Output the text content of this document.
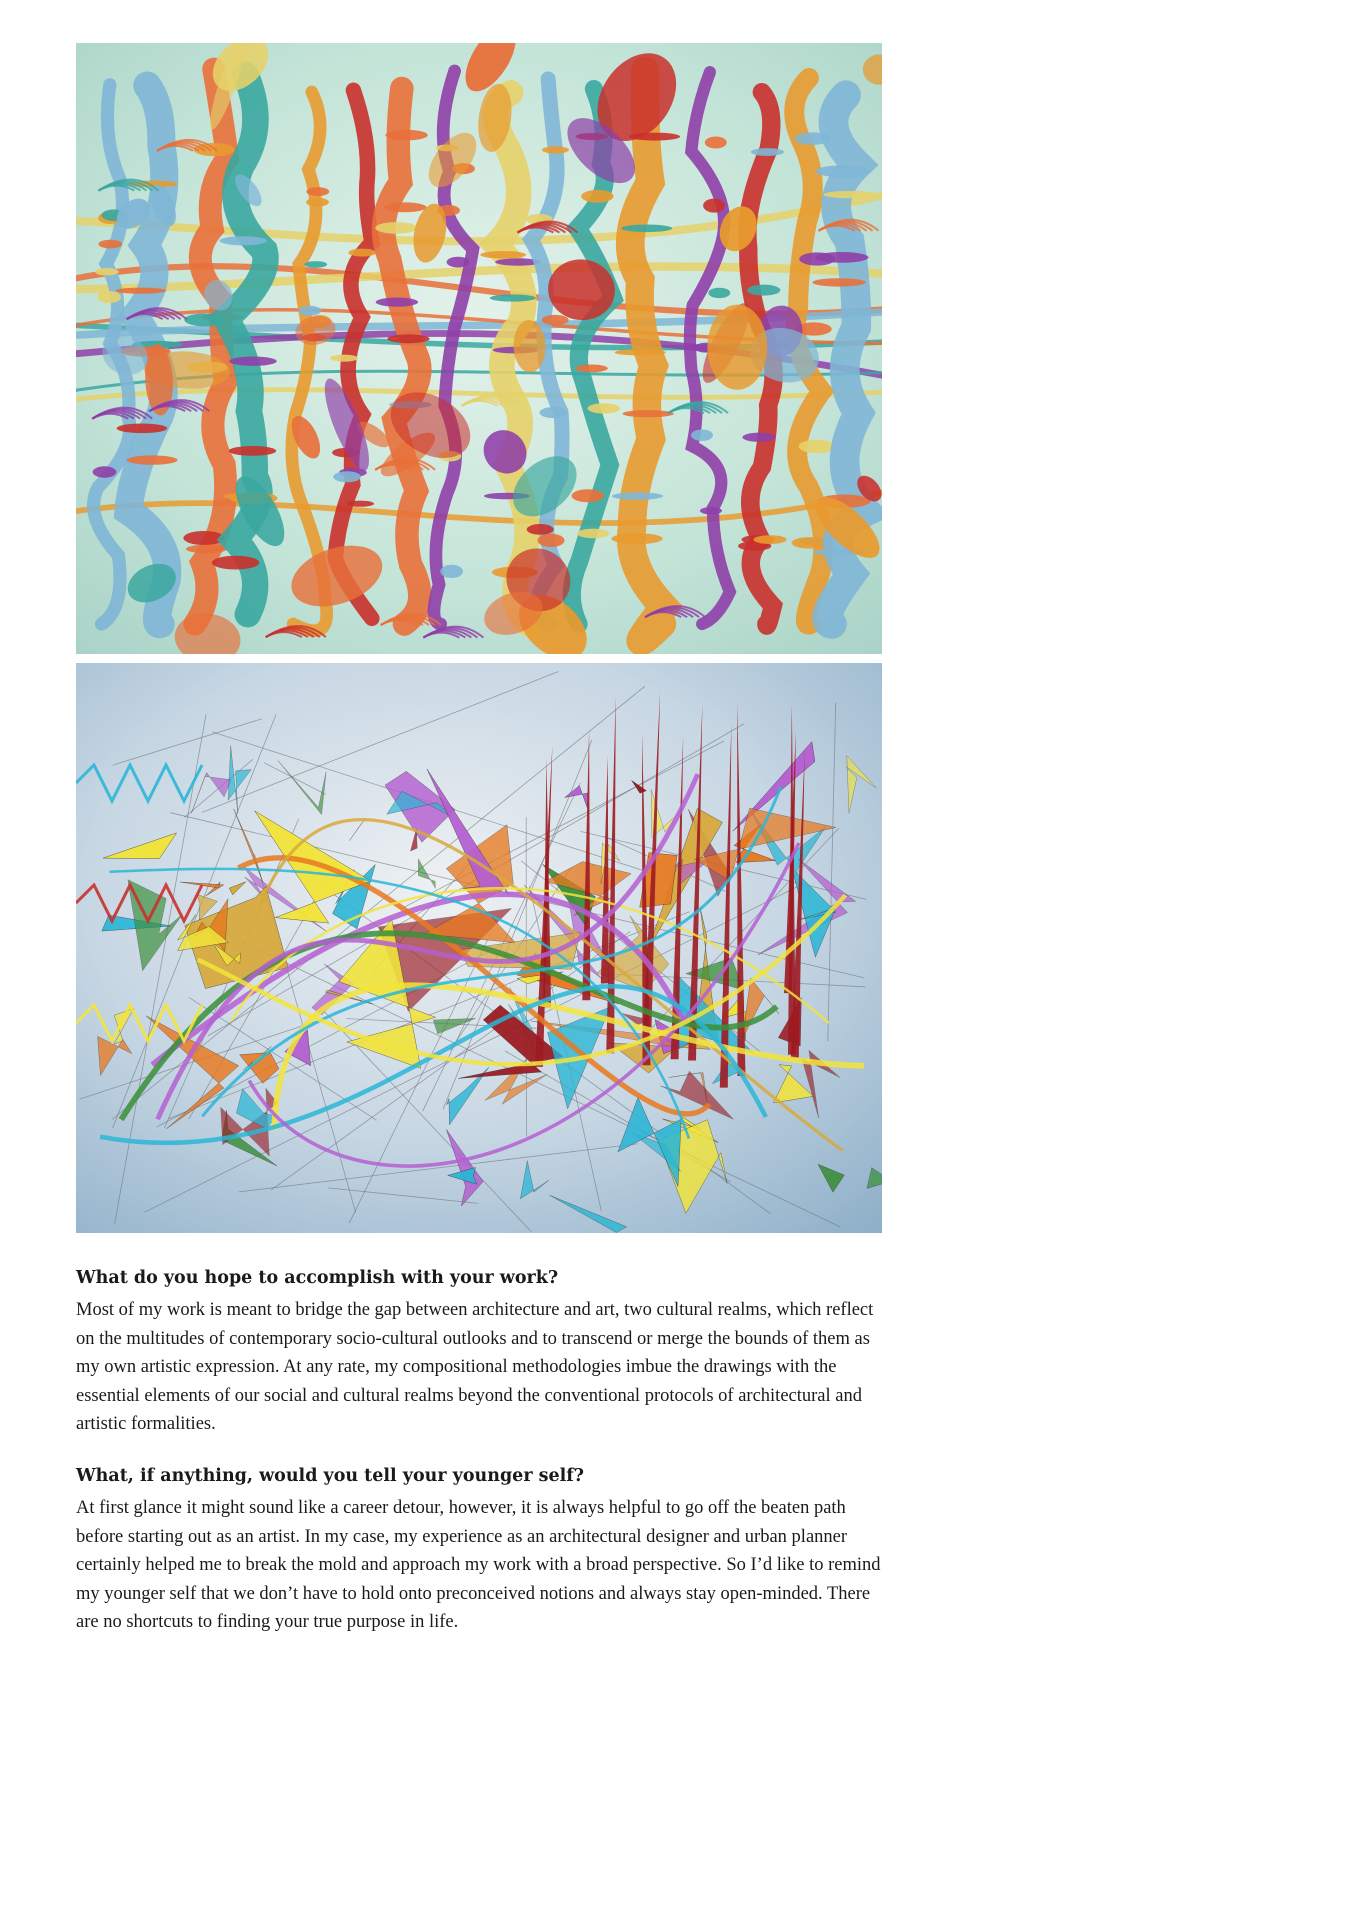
What do you hope to accomplish with your work?

Most of my work is meant to bridge the gap between architecture and art, two cultural realms, which reflect on the multitudes of contemporary socio-cultural outlooks and to transcend or merge the bounds of them as my own artistic expression. At any rate, my compositional methodologies imbue the drawings with the essential elements of our social and cultural realms beyond the conventional protocols of architectural and artistic formalities.

What, if anything, would you tell your younger self?

At first glance it might sound like a career detour, however, it is always helpful to go off the beaten path before starting out as an artist. In my case, my experience as an architectural designer and urban planner certainly helped me to break the mold and approach my work with a broad perspective. So I’d like to remind my younger self that we don’t have to hold onto preconceived notions and always stay open-minded. There are no shortcuts to finding your true purpose in life.
